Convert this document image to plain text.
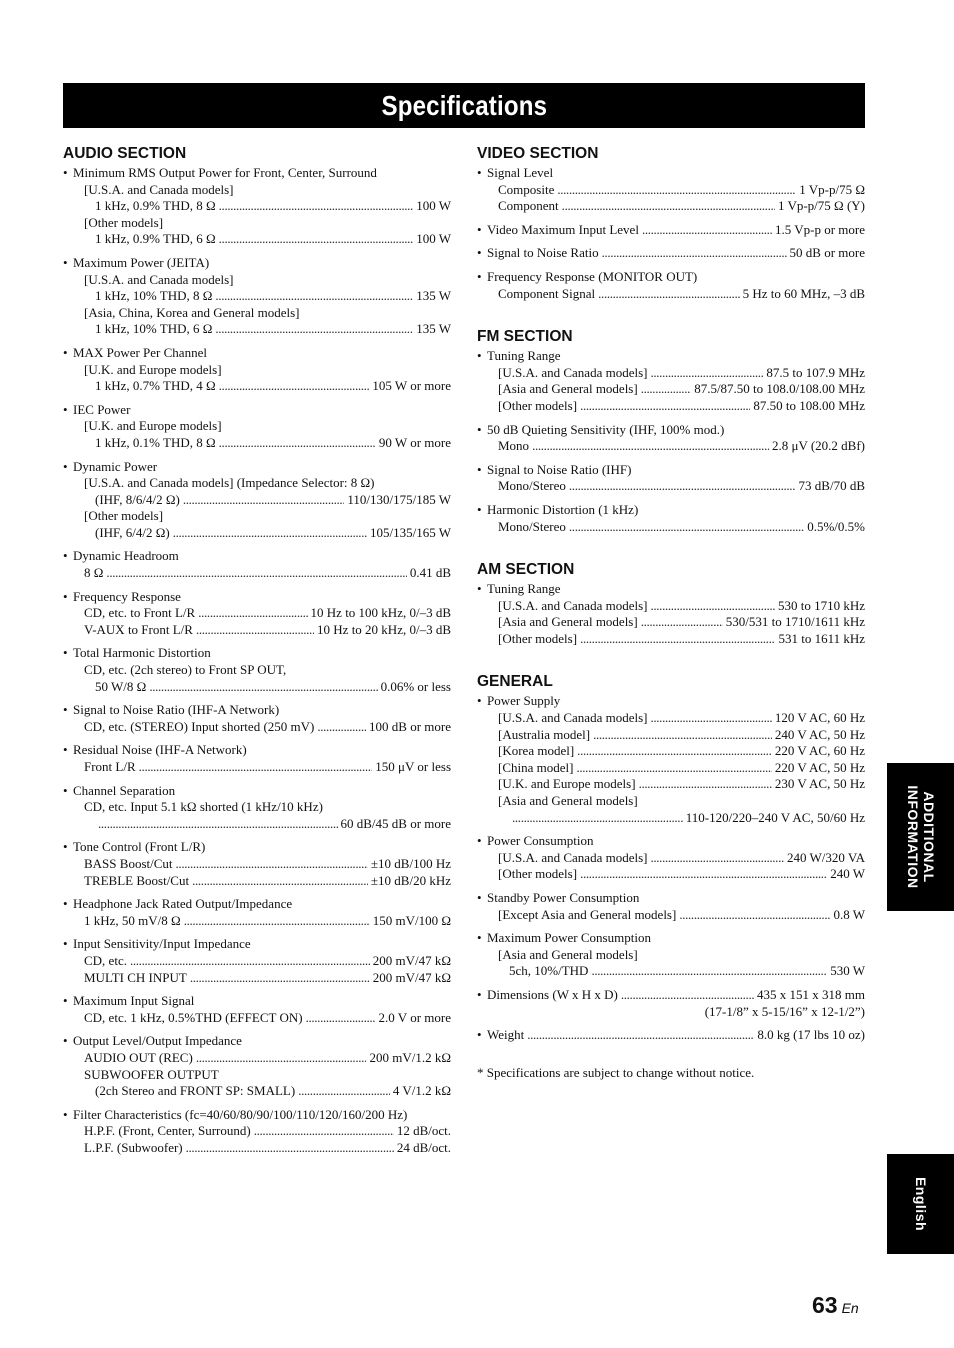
Specifications
AUDIO SECTION
• Minimum RMS Output Power for Front, Center, Surround
[U.S.A. and Canada models]
1 kHz, 0.9% THD, 8 Ω . . .	100 W
[Other models]
1 kHz, 0.9% THD, 6 Ω . . .	100 W
• Maximum Power (JEITA)
[U.S.A. and Canada models]
1 kHz, 10% THD, 8 Ω . . .	135 W
[Asia, China, Korea and General models]
1 kHz, 10% THD, 6 Ω . . .	135 W
• MAX Power Per Channel
[U.K. and Europe models]
1 kHz, 0.7% THD, 4 Ω . . .	105 W or more
• IEC Power
[U.K. and Europe models]
1 kHz, 0.1% THD, 8 Ω . . .	90 W or more
• Dynamic Power
[U.S.A. and Canada models] (Impedance Selector: 8 Ω)
(IHF, 8/6/4/2 Ω) . . .	110/130/175/185 W
[Other models]
(IHF, 6/4/2 Ω) . . .	105/135/165 W
• Dynamic Headroom
8 Ω . . .	0.41 dB
• Frequency Response
CD, etc. to Front L/R . . .	10 Hz to 100 kHz, 0/–3 dB
V-AUX to Front L/R . . .	10 Hz to 20 kHz, 0/–3 dB
• Total Harmonic Distortion
CD, etc. (2ch stereo) to Front SP OUT,
50 W/8 Ω . . .	0.06% or less
• Signal to Noise Ratio (IHF-A Network)
CD, etc. (STEREO) Input shorted (250 mV) . . .	100 dB or more
• Residual Noise (IHF-A Network)
Front L/R . . .	150 μV or less
• Channel Separation
CD, etc. Input 5.1 kΩ shorted (1 kHz/10 kHz)
. . .
60 dB/45 dB or more
• Tone Control (Front L/R)
BASS Boost/Cut . . .	±10 dB/100 Hz
TREBLE Boost/Cut . . .	±10 dB/20 kHz
• Headphone Jack Rated Output/Impedance
1 kHz, 50 mV/8 Ω . . .	150 mV/100 Ω
• Input Sensitivity/Input Impedance
CD, etc. . . .	200 mV/47 kΩ
MULTI CH INPUT . . .	200 mV/47 kΩ
• Maximum Input Signal
CD, etc. 1 kHz, 0.5%THD (EFFECT ON) . . .	2.0 V or more
• Output Level/Output Impedance
AUDIO OUT (REC) . . .	200 mV/1.2 kΩ
SUBWOOFER OUTPUT
(2ch Stereo and FRONT SP: SMALL) . . .	4 V/1.2 kΩ
• Filter Characteristics (fc=40/60/80/90/100/110/120/160/200 Hz)
H.P.F. (Front, Center, Surround) . . .	12 dB/oct.
L.P.F. (Subwoofer) . . .	24 dB/oct.
VIDEO SECTION
• Signal Level
Composite . . .	1 Vp-p/75 Ω
Component . . .	1 Vp-p/75 Ω (Y)
• Video Maximum Input Level . . .	1.5 Vp-p or more
• Signal to Noise Ratio . . .	50 dB or more
• Frequency Response (MONITOR OUT)
Component Signal . . .	5 Hz to 60 MHz, –3 dB
FM SECTION
• Tuning Range
[U.S.A. and Canada models] . . .	87.5 to 107.9 MHz
[Asia and General models] . . .	87.5/87.50 to 108.0/108.00 MHz
[Other models] . . .	87.50 to 108.00 MHz
• 50 dB Quieting Sensitivity (IHF, 100% mod.)
Mono . . .	2.8 μV (20.2 dBf)
• Signal to Noise Ratio (IHF)
Mono/Stereo . . .	73 dB/70 dB
• Harmonic Distortion (1 kHz)
Mono/Stereo . . .	0.5%/0.5%
AM SECTION
• Tuning Range
[U.S.A. and Canada models] . . .	530 to 1710 kHz
[Asia and General models] . . .	530/531 to 1710/1611 kHz
[Other models] . . .	531 to 1611 kHz
GENERAL
• Power Supply
[U.S.A. and Canada models] . . .	120 V AC, 60 Hz
[Australia model] . . .	240 V AC, 50 Hz
[Korea model] . . .	220 V AC, 60 Hz
[China model] . . .	220 V AC, 50 Hz
[U.K. and Europe models] . . .	230 V AC, 50 Hz
[Asia and General models]
. . .
110-120/220–240 V AC, 50/60 Hz
• Power Consumption
[U.S.A. and Canada models] . . .	240 W/320 VA
[Other models] . . .	240 W
• Standby Power Consumption
[Except Asia and General models] . . .	0.8 W
• Maximum Power Consumption
[Asia and General models]
5ch, 10%/THD . . .	530 W
• Dimensions (W x H x D) . . .	435 x 151 x 318 mm
(17-1/8” x 5-15/16” x 12-1/2”)
• Weight . . .	8.0 kg (17 lbs 10 oz)
* Specifications are subject to change without notice.
ADDITIONAL
INFORMATION
English
63 En
